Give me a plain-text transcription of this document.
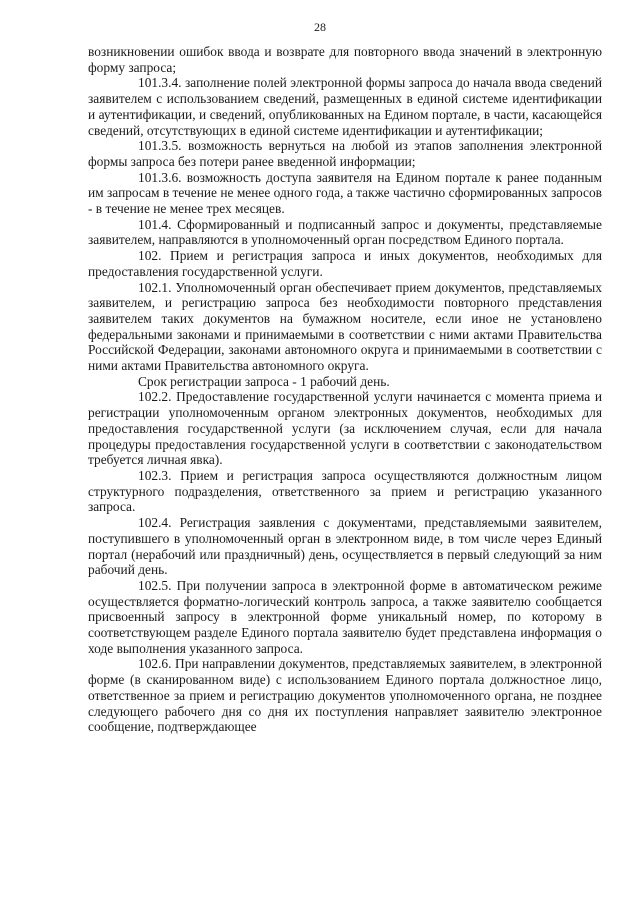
28

возникновении ошибок ввода и возврате для повторного ввода значений в электронную форму запроса;

101.3.4. заполнение полей электронной формы запроса до начала ввода сведений заявителем с использованием сведений, размещенных в единой системе идентификации и аутентификации, и сведений, опубликованных на Едином портале, в части, касающейся сведений, отсутствующих в единой системе идентификации и аутентификации;

101.3.5. возможность вернуться на любой из этапов заполнения электронной формы запроса без потери ранее введенной информации;

101.3.6. возможность доступа заявителя на Едином портале к ранее поданным им запросам в течение не менее одного года, а также частично сформированных запросов - в течение не менее трех месяцев.

101.4. Сформированный и подписанный запрос и документы, представляемые заявителем, направляются в уполномоченный орган посредством Единого портала.

102. Прием и регистрация запроса и иных документов, необходимых для предоставления государственной услуги.

102.1. Уполномоченный орган обеспечивает прием документов, представляемых заявителем, и регистрацию запроса без необходимости повторного представления заявителем таких документов на бумажном носителе, если иное не установлено федеральными законами и принимаемыми в соответствии с ними актами Правительства Российской Федерации, законами автономного округа и принимаемыми в соответствии с ними актами Правительства автономного округа.

Срок регистрации запроса - 1 рабочий день.

102.2. Предоставление государственной услуги начинается с момента приема и регистрации уполномоченным органом электронных документов, необходимых для предоставления государственной услуги (за исключением случая, если для начала процедуры предоставления государственной услуги в соответствии с законодательством требуется личная явка).

102.3. Прием и регистрация запроса осуществляются должностным лицом структурного подразделения, ответственного за прием и регистрацию указанного запроса.

102.4. Регистрация заявления с документами, представляемыми заявителем, поступившего в уполномоченный орган в электронном виде, в том числе через Единый портал (нерабочий или праздничный) день, осуществляется в первый следующий за ним рабочий день.

102.5. При получении запроса в электронной форме в автоматическом режиме осуществляется форматно-логический контроль запроса, а также заявителю сообщается присвоенный запросу в электронной форме уникальный номер, по которому в соответствующем разделе Единого портала заявителю будет представлена информация о ходе выполнения указанного запроса.

102.6. При направлении документов, представляемых заявителем, в электронной форме (в сканированном виде) с использованием Единого портала должностное лицо, ответственное за прием и регистрацию документов уполномоченного органа, не позднее следующего рабочего дня со дня их поступления направляет заявителю электронное сообщение, подтверждающее
